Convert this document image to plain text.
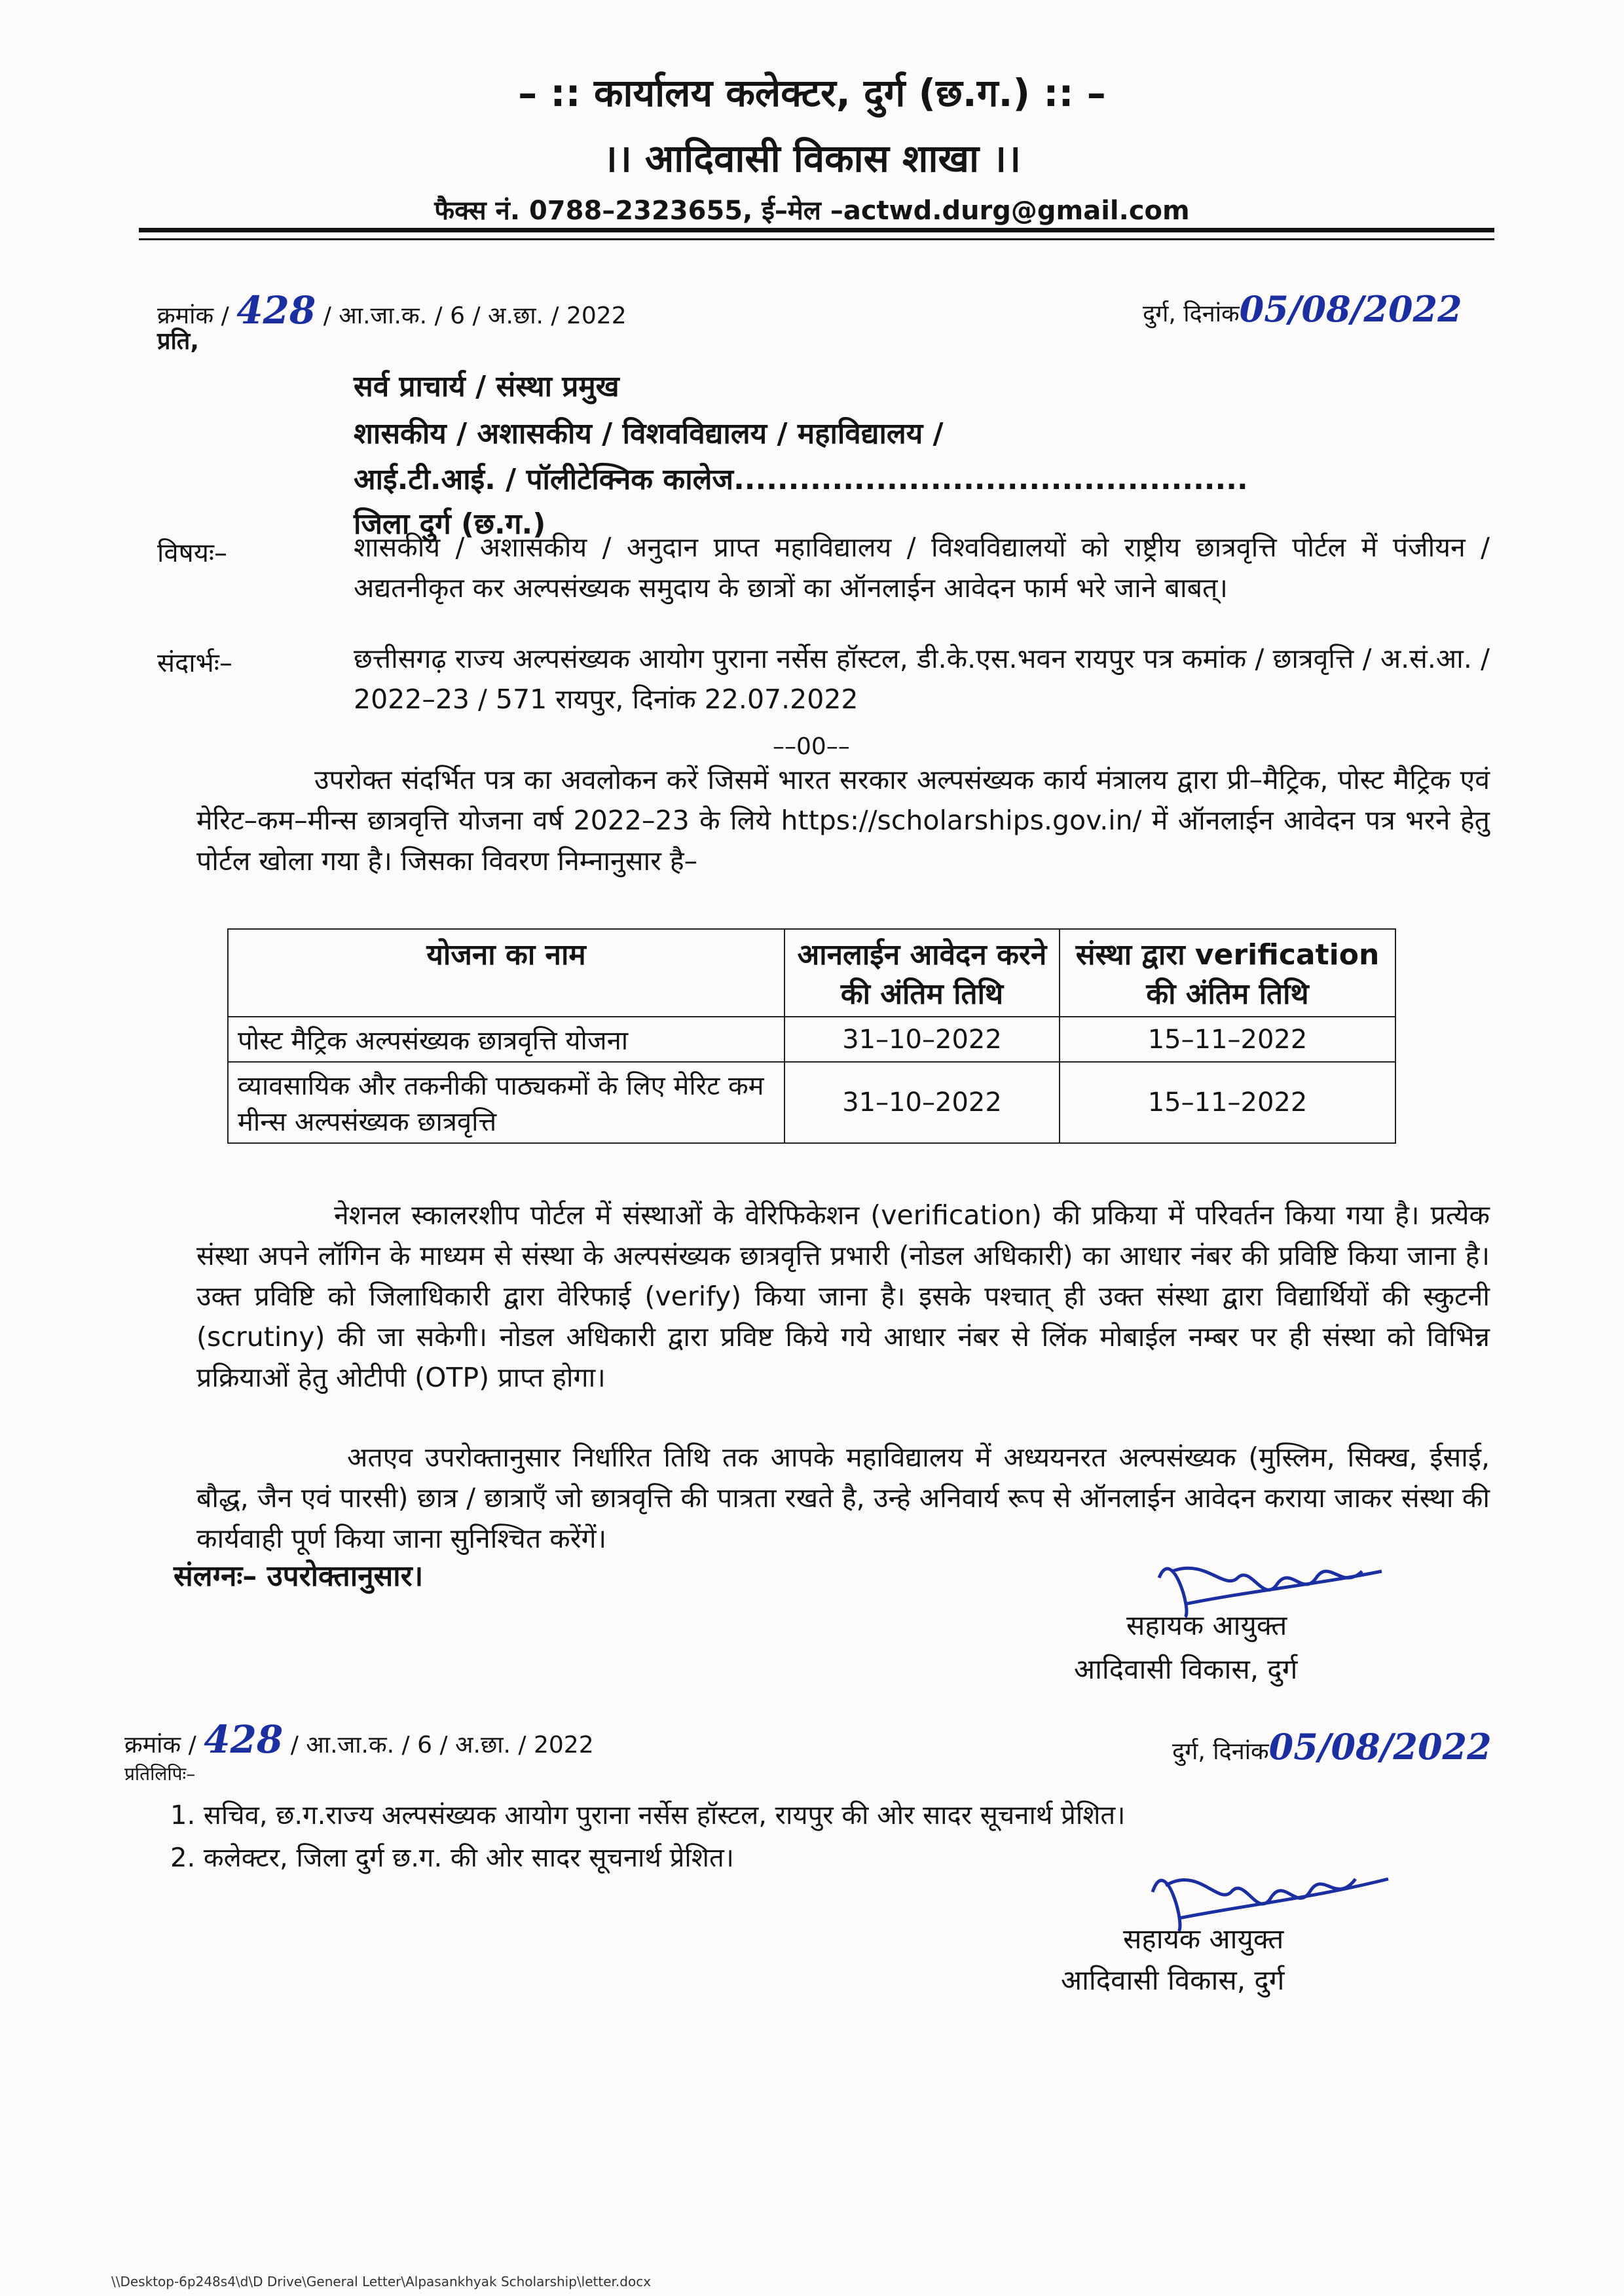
– :: कार्यालय कलेक्टर, दुर्ग (छ.ग.) :: –
।। आदिवासी विकास शाखा ।।
फैक्स नं. 0788–2323655, ई–मेल –actwd.durg@gmail.com
क्रमांक / 428 / आ.जा.क. / 6 / अ.छा. / 2022	दुर्ग, दिनांक05/08/2022
प्रति,
सर्व प्राचार्य / संस्था प्रमुख
शासकीय / अशासकीय / विशवविद्यालय / महाविद्यालय /
आई.टी.आई. / पॉलीटेक्निक कालेज...............................................
जिला दुर्ग (छ.ग.)
विषयः–	शासकीय / अशासकीय / अनुदान प्राप्त महाविद्यालय / विश्वविद्यालयों को राष्ट्रीय छात्रवृत्ति पोर्टल में पंजीयन / अद्यतनीकृत कर अल्पसंख्यक समुदाय के छात्रों का ऑनलाईन आवेदन फार्म भरे जाने बाबत्।
संदार्भः–	छत्तीसगढ़ राज्य अल्पसंख्यक आयोग पुराना नर्सेस हॉस्टल, डी.के.एस.भवन रायपुर पत्र कमांक / छात्रवृत्ति / अ.सं.आ. / 2022–23 / 571 रायपुर, दिनांक 22.07.2022
––00––
उपरोक्त संदर्भित पत्र का अवलोकन करें जिसमें भारत सरकार अल्पसंख्यक कार्य मंत्रालय द्वारा प्री–मैट्रिक, पोस्ट मैट्रिक एवं मेरिट–कम–मीन्स छात्रवृत्ति योजना वर्ष 2022–23 के लिये https://scholarships.gov.in/ में ऑनलाईन आवेदन पत्र भरने हेतु पोर्टल खोला गया है। जिसका विवरण निम्नानुसार है–
योजना का नाम	आनलाईन आवेदन करने की अंतिम तिथि	संस्था द्वारा verification की अंतिम तिथि
पोस्ट मैट्रिक अल्पसंख्यक छात्रवृत्ति योजना	31–10–2022	15–11–2022
व्यावसायिक और तकनीकी पाठ्यकमों के लिए मेरिट कम मीन्स अल्पसंख्यक छात्रवृत्ति	31–10–2022	15–11–2022
नेशनल स्कालरशीप पोर्टल में संस्थाओं के वेरिफिकेशन (verification) की प्रकिया में परिवर्तन किया गया है। प्रत्येक संस्था अपने लॉगिन के माध्यम से संस्था के अल्पसंख्यक छात्रवृत्ति प्रभारी (नोडल अधिकारी) का आधार नंबर की प्रविष्टि किया जाना है। उक्त प्रविष्टि को जिलाधिकारी द्वारा वेरिफाई (verify) किया जाना है। इसके पश्चात् ही उक्त संस्था द्वारा विद्यार्थियों की स्कुटनी (scrutiny) की जा सकेगी। नोडल अधिकारी द्वारा प्रविष्ट किये गये आधार नंबर से लिंक मोबाईल नम्बर पर ही संस्था को विभिन्न प्रक्रियाओं हेतु ओटीपी (OTP) प्राप्त होगा।
अतएव उपरोक्तानुसार निर्धारित तिथि तक आपके महाविद्यालय में अध्ययनरत अल्पसंख्यक (मुस्लिम, सिक्ख, ईसाई, बौद्ध, जैन एवं पारसी) छात्र / छात्राएँ जो छात्रवृत्ति की पात्रता रखते है, उन्हे अनिवार्य रूप से ऑनलाईन आवेदन कराया जाकर संस्था की कार्यवाही पूर्ण किया जाना सुनिश्चित करेंगें।
संलग्नः– उपरोक्तानुसार।
सहायक आयुक्त
आदिवासी विकास, दुर्ग
क्रमांक / 428 / आ.जा.क. / 6 / अ.छा. / 2022	दुर्ग, दिनांक05/08/2022
प्रतिलिपिः–
1. सचिव, छ.ग.राज्य अल्पसंख्यक आयोग पुराना नर्सेस हॉस्टल, रायपुर की ओर सादर सूचनार्थ प्रेशित।
2. कलेक्टर, जिला दुर्ग छ.ग. की ओर सादर सूचनार्थ प्रेशित।
सहायक आयुक्त
आदिवासी विकास, दुर्ग
\\Desktop-6p248s4\d\D Drive\General Letter\Alpasankhyak Scholarship\letter.docx
